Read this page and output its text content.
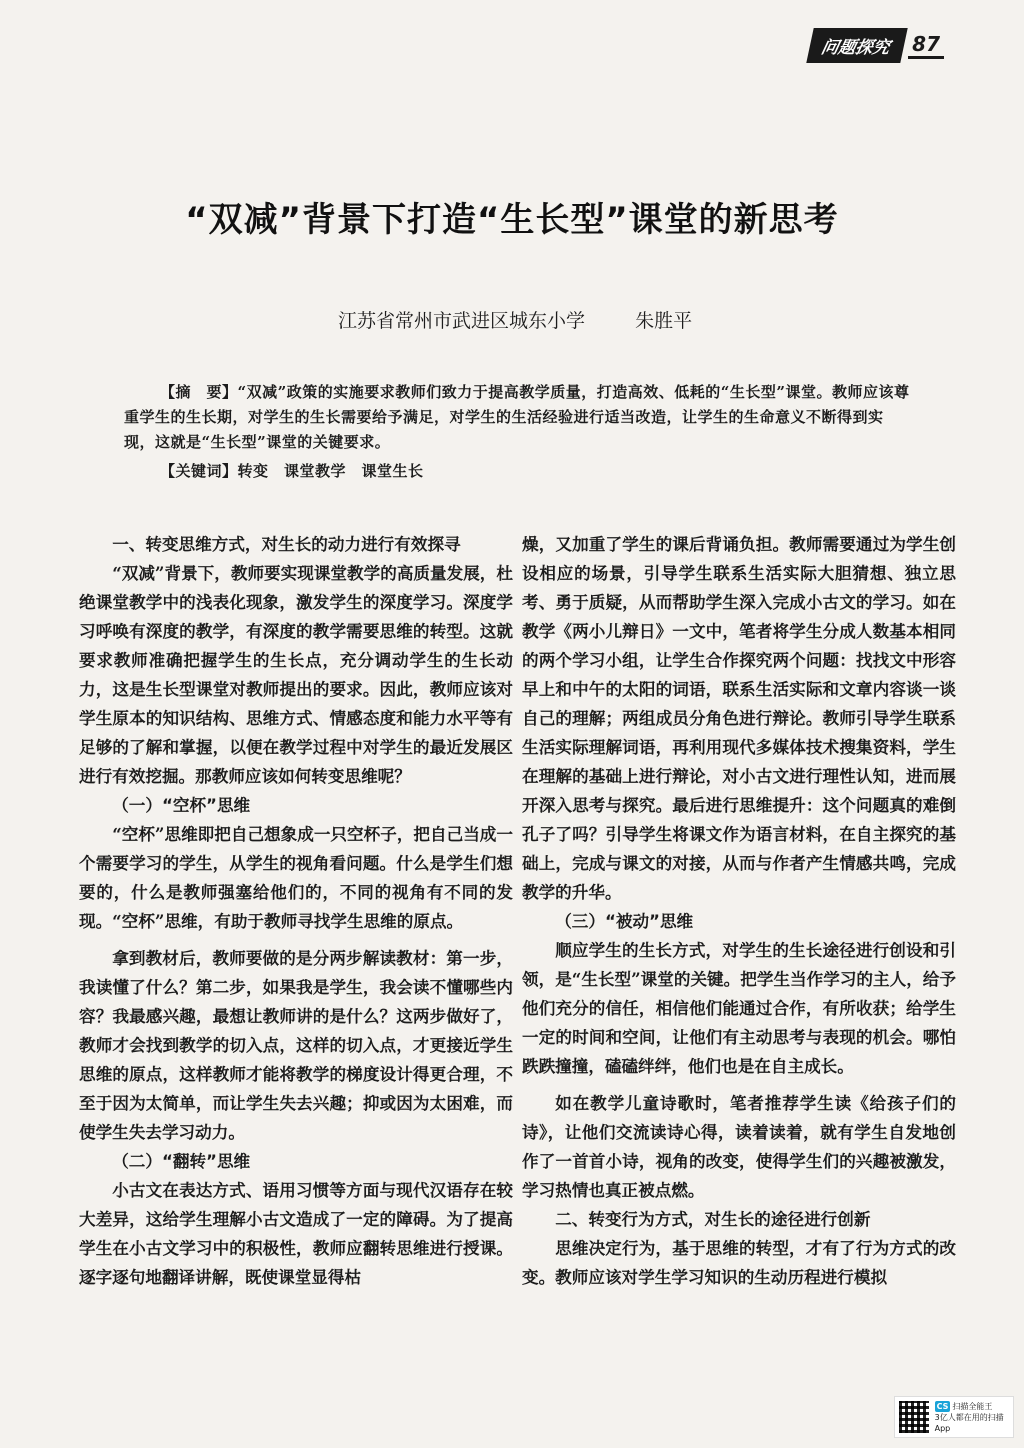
问题探究	87
“双减”背景下打造“生长型”课堂的新思考
江苏省常州市武进区城东小学	朱胜平

【摘　要】“双减”政策的实施要求教师们致力于提高教学质量，打造高效、低耗的“生长型”课堂。教师应该尊重学生的生长期，对学生的生长需要给予满足，对学生的生活经验进行适当改造，让学生的生命意义不断得到实现，这就是“生长型”课堂的关键要求。

【关键词】转变　课堂教学　课堂生长

一、转变思维方式，对生长的动力进行有效探寻

“双减”背景下，教师要实现课堂教学的高质量发展，杜绝课堂教学中的浅表化现象，激发学生的深度学习。深度学习呼唤有深度的教学，有深度的教学需要思维的转型。这就要求教师准确把握学生的生长点，充分调动学生的生长动力，这是生长型课堂对教师提出的要求。因此，教师应该对学生原本的知识结构、思维方式、情感态度和能力水平等有足够的了解和掌握，以便在教学过程中对学生的最近发展区进行有效挖掘。那教师应该如何转变思维呢？

（一）“空杯”思维

“空杯”思维即把自己想象成一只空杯子，把自己当成一个需要学习的学生，从学生的视角看问题。什么是学生们想要的，什么是教师强塞给他们的，不同的视角有不同的发现。“空杯”思维，有助于教师寻找学生思维的原点。

拿到教材后，教师要做的是分两步解读教材：第一步，我读懂了什么？第二步，如果我是学生，我会读不懂哪些内容？我最感兴趣，最想让教师讲的是什么？这两步做好了，教师才会找到教学的切入点，这样的切入点，才更接近学生思维的原点，这样教师才能将教学的梯度设计得更合理，不至于因为太简单，而让学生失去兴趣；抑或因为太困难，而使学生失去学习动力。

（二）“翻转”思维

小古文在表达方式、语用习惯等方面与现代汉语存在较大差异，这给学生理解小古文造成了一定的障碍。为了提高学生在小古文学习中的积极性，教师应翻转思维进行授课。逐字逐句地翻译讲解，既使课堂显得枯

燥，又加重了学生的课后背诵负担。教师需要通过为学生创设相应的场景，引导学生联系生活实际大胆猜想、独立思考、勇于质疑，从而帮助学生深入完成小古文的学习。如在教学《两小儿辩日》一文中，笔者将学生分成人数基本相同的两个学习小组，让学生合作探究两个问题：找找文中形容早上和中午的太阳的词语，联系生活实际和文章内容谈一谈自己的理解；两组成员分角色进行辩论。教师引导学生联系生活实际理解词语，再利用现代多媒体技术搜集资料，学生在理解的基础上进行辩论，对小古文进行理性认知，进而展开深入思考与探究。最后进行思维提升：这个问题真的难倒孔子了吗？引导学生将课文作为语言材料，在自主探究的基础上，完成与课文的对接，从而与作者产生情感共鸣，完成教学的升华。

（三）“被动”思维

顺应学生的生长方式，对学生的生长途径进行创设和引领，是“生长型”课堂的关键。把学生当作学习的主人，给予他们充分的信任，相信他们能通过合作，有所收获；给学生一定的时间和空间，让他们有主动思考与表现的机会。哪怕跌跌撞撞，磕磕绊绊，他们也是在自主成长。

如在教学儿童诗歌时，笔者推荐学生读《给孩子们的诗》，让他们交流读诗心得，读着读着，就有学生自发地创作了一首首小诗，视角的改变，使得学生们的兴趣被激发，学习热情也真正被点燃。

二、转变行为方式，对生长的途径进行创新

思维决定行为，基于思维的转型，才有了行为方式的改变。教师应该对学生学习知识的生动历程进行模拟

CS 扫描全能王
3亿人都在用的扫描App
